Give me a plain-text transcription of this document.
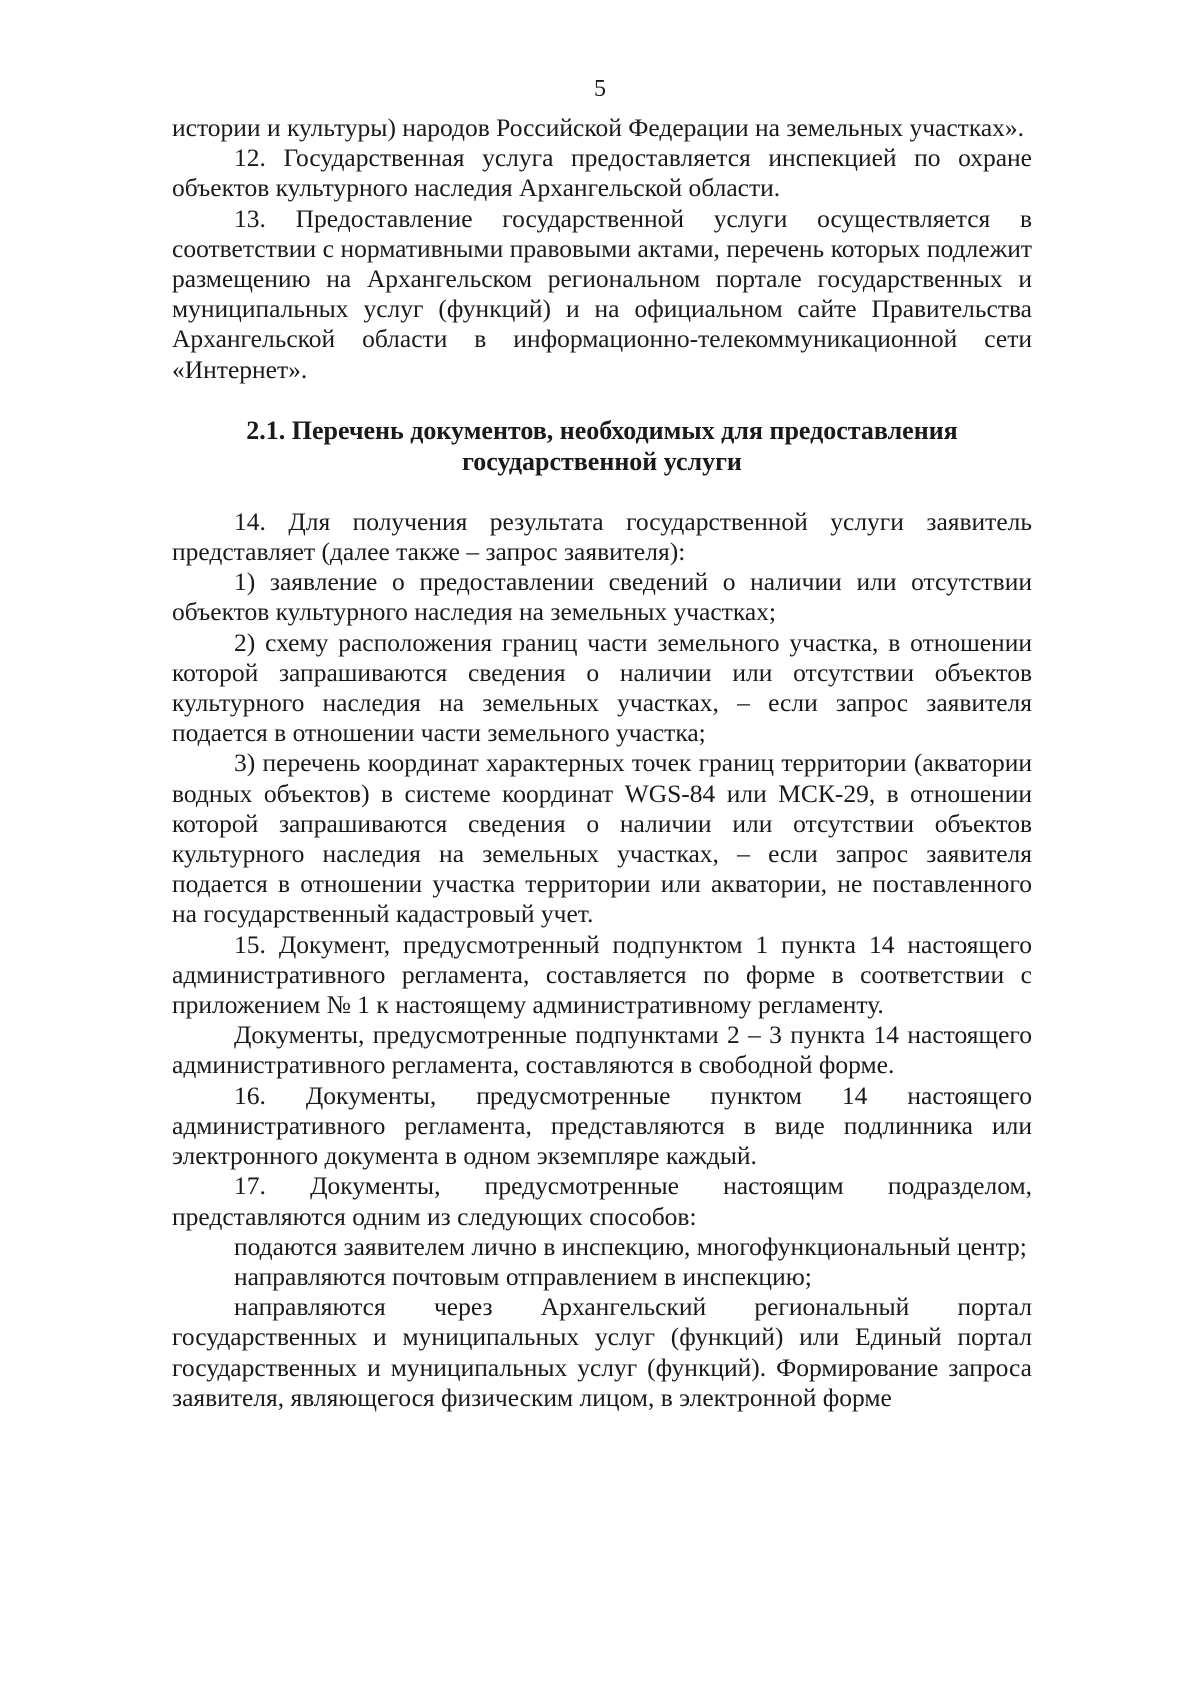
5

истории и культуры) народов Российской Федерации на земельных участках».

12. Государственная услуга предоставляется инспекцией по охране объектов культурного наследия Архангельской области.

13. Предоставление государственной услуги осуществляется в соответствии с нормативными правовыми актами, перечень которых подлежит размещению на Архангельском региональном портале государственных и муниципальных услуг (функций) и на официальном сайте Правительства Архангельской области в информационно-телекоммуникационной сети «Интернет».

2.1. Перечень документов, необходимых для предоставления
государственной услуги

14. Для получения результата государственной услуги заявитель представляет (далее также – запрос заявителя):

1) заявление о предоставлении сведений о наличии или отсутствии объектов культурного наследия на земельных участках;

2) схему расположения границ части земельного участка, в отношении которой запрашиваются сведения о наличии или отсутствии объектов культурного наследия на земельных участках, – если запрос заявителя подается в отношении части земельного участка;

3) перечень координат характерных точек границ территории (акватории водных объектов) в системе координат WGS-84 или МСК-29, в отношении которой запрашиваются сведения о наличии или отсутствии объектов культурного наследия на земельных участках, – если запрос заявителя подается в отношении участка территории или акватории, не поставленного на государственный кадастровый учет.

15. Документ, предусмотренный подпунктом 1 пункта 14 настоящего административного регламента, составляется по форме в соответствии с приложением № 1 к настоящему административному регламенту.

Документы, предусмотренные подпунктами 2 – 3 пункта 14 настоящего административного регламента, составляются в свободной форме.

16. Документы, предусмотренные пунктом 14 настоящего административного регламента, представляются в виде подлинника или электронного документа в одном экземпляре каждый.

17. Документы, предусмотренные настоящим подразделом, представляются одним из следующих способов:

подаются заявителем лично в инспекцию, многофункциональный центр;

направляются почтовым отправлением в инспекцию;

направляются через Архангельский региональный портал государственных и муниципальных услуг (функций) или Единый портал государственных и муниципальных услуг (функций). Формирование запроса заявителя, являющегося физическим лицом, в электронной форме
